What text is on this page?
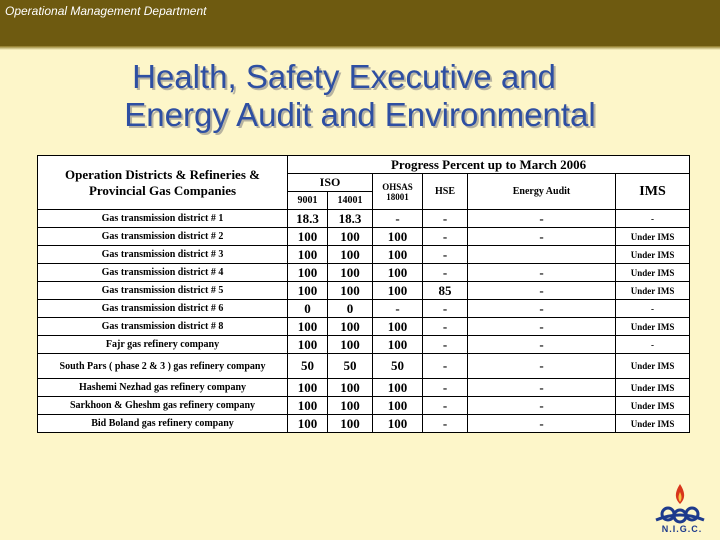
Operational Management Department
Health, Safety Executive and
Energy Audit and Environmental
Operation Districts & Refineries & Provincial Gas Companies	Progress Percent up to March 2006					
	ISO		OHSAS 18001	HSE	Energy Audit	IMS
	9001	14001				
Gas transmission district # 1	18.3	18.3	-	-	-	-
Gas transmission district # 2	100	100	100	-	-	Under IMS
Gas transmission district # 3	100	100	100	-		Under IMS
Gas transmission district # 4	100	100	100	-	-	Under IMS
Gas transmission district # 5	100	100	100	85	-	Under IMS
Gas transmission district # 6	0	0	-	-	-	-
Gas transmission district # 8	100	100	100	-	-	Under IMS
Fajr gas refinery company	100	100	100	-	-	-
South Pars ( phase 2 & 3 ) gas refinery company	50	50	50	-	-	Under IMS
Hashemi Nezhad gas refinery company	100	100	100	-	-	Under IMS
Sarkhoon & Gheshm gas refinery company	100	100	100	-	-	Under IMS
Bid Boland gas refinery company	100	100	100	-	-	Under IMS
N.I.G.C.
